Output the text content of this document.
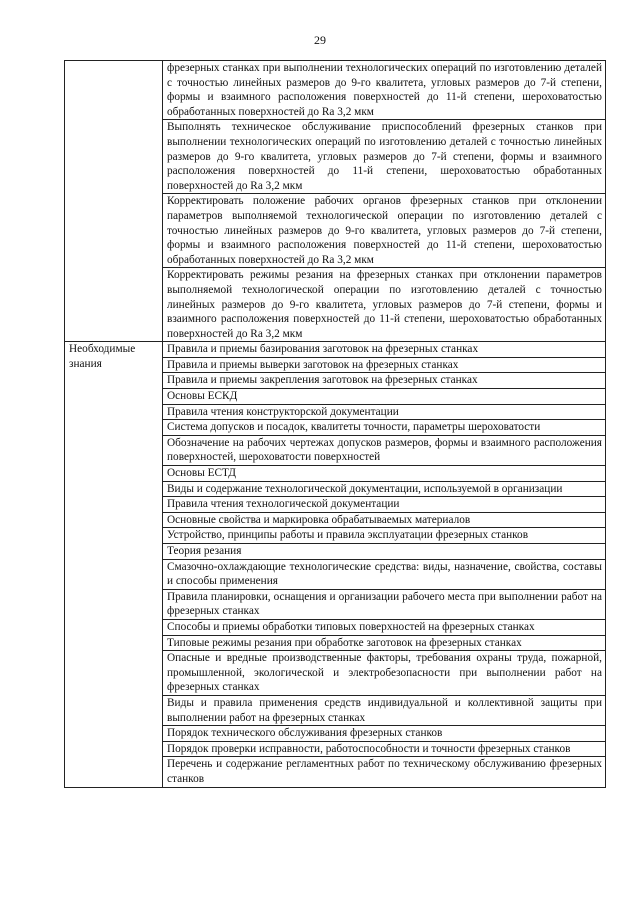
29
	фрезерных станках при выполнении технологических операций по изготовлению деталей с точностью линейных размеров до 9-го квалитета, угловых размеров до 7-й степени, формы и взаимного расположения поверхностей до 11-й степени, шероховатостью обработанных поверхностей до Ra 3,2 мкм
	Выполнять техническое обслуживание приспособлений фрезерных станков при выполнении технологических операций по изготовлению деталей с точностью линейных размеров до 9-го квалитета, угловых размеров до 7-й степени, формы и взаимного расположения поверхностей до 11-й степени, шероховатостью обработанных поверхностей до Ra 3,2 мкм
	Корректировать положение рабочих органов фрезерных станков при отклонении параметров выполняемой технологической операции по изготовлению деталей с точностью линейных размеров до 9-го квалитета, угловых размеров до 7-й степени, формы и взаимного расположения поверхностей до 11-й степени, шероховатостью обработанных поверхностей до Ra 3,2 мкм
	Корректировать режимы резания на фрезерных станках при отклонении параметров выполняемой технологической операции по изготовлению деталей с точностью линейных размеров до 9-го квалитета, угловых размеров до 7-й степени, формы и взаимного расположения поверхностей до 11-й степени, шероховатостью обработанных поверхностей до Ra 3,2 мкм
Необходимые знания	Правила и приемы базирования заготовок на фрезерных станках
	Правила и приемы выверки заготовок на фрезерных станках
	Правила и приемы закрепления заготовок на фрезерных станках
	Основы ЕСКД
	Правила чтения конструкторской документации
	Система допусков и посадок, квалитеты точности, параметры шероховатости
	Обозначение на рабочих чертежах допусков размеров, формы и взаимного расположения поверхностей, шероховатости поверхностей
	Основы ЕСТД
	Виды и содержание технологической документации, используемой в организации
	Правила чтения технологической документации
	Основные свойства и маркировка обрабатываемых материалов
	Устройство, принципы работы и правила эксплуатации фрезерных станков
	Теория резания
	Смазочно-охлаждающие технологические средства: виды, назначение, свойства, составы и способы применения
	Правила планировки, оснащения и организации рабочего места при выполнении работ на фрезерных станках
	Способы и приемы обработки типовых поверхностей на фрезерных станках
	Типовые режимы резания при обработке заготовок на фрезерных станках
	Опасные и вредные производственные факторы, требования охраны труда, пожарной, промышленной, экологической и электробезопасности при выполнении работ на фрезерных станках
	Виды и правила применения средств индивидуальной и коллективной защиты при выполнении работ на фрезерных станках
	Порядок технического обслуживания фрезерных станков
	Порядок проверки исправности, работоспособности и точности фрезерных станков
	Перечень и содержание регламентных работ по техническому обслуживанию фрезерных станков
